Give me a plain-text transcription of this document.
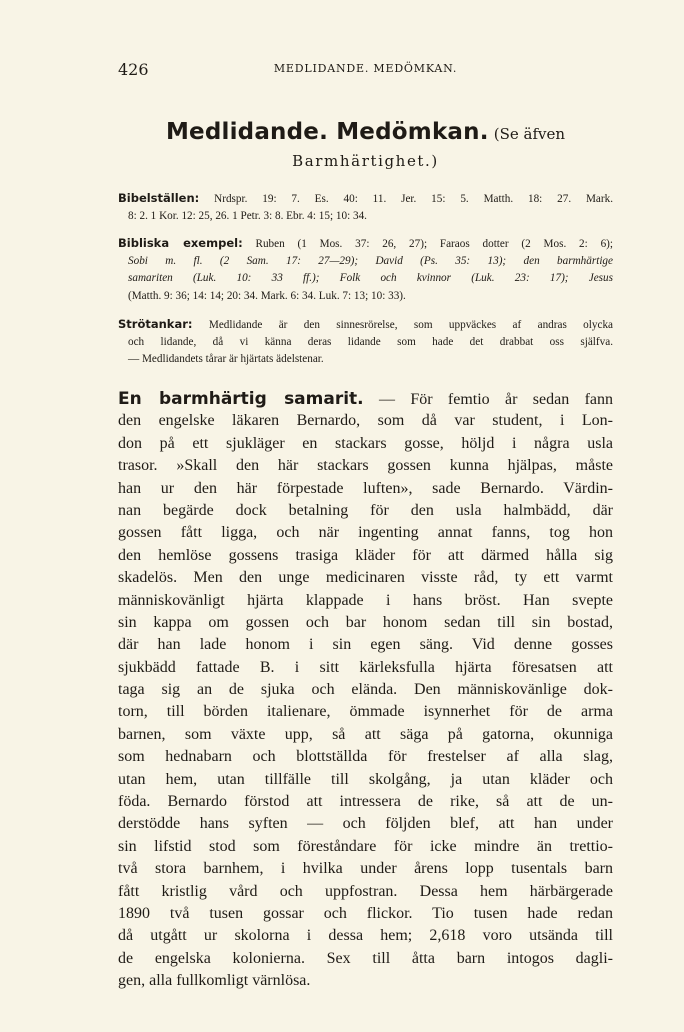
426	MEDLIDANDE. MEDÖMKAN.
Medlidande. Medömkan. (Se äfven
Barmhärtighet.)
Bibelställen: Nrdspr. 19: 7. Es. 40: 11. Jer. 15: 5. Matth. 18: 27. Mark.
8: 2. 1 Kor. 12: 25, 26. 1 Petr. 3: 8. Ebr. 4: 15; 10: 34.
Bibliska exempel: Ruben (1 Mos. 37: 26, 27); Faraos dotter (2 Mos. 2: 6);
Sobi m. fl. (2 Sam. 17: 27—29); David (Ps. 35: 13); den barmhärtige
samariten (Luk. 10: 33 ff.); Folk och kvinnor (Luk. 23: 17); Jesus
(Matth. 9: 36; 14: 14; 20: 34. Mark. 6: 34. Luk. 7: 13; 10: 33).
Strötankar: Medlidande är den sinnesrörelse, som uppväckes af andras olycka
och lidande, då vi känna deras lidande som hade det drabbat oss själfva.
— Medlidandets tårar är hjärtats ädelstenar.
En barmhärtig samarit. — För femtio år sedan fann
den engelske läkaren Bernardo, som då var student, i Lon-
don på ett sjukläger en stackars gosse, höljd i några usla
trasor. »Skall den här stackars gossen kunna hjälpas, måste
han ur den här förpestade luften», sade Bernardo. Värdin-
nan begärde dock betalning för den usla halmbädd, där
gossen fått ligga, och när ingenting annat fanns, tog hon
den hemlöse gossens trasiga kläder för att därmed hålla sig
skadelös. Men den unge medicinaren visste råd, ty ett varmt
människovänligt hjärta klappade i hans bröst. Han svepte
sin kappa om gossen och bar honom sedan till sin bostad,
där han lade honom i sin egen säng. Vid denne gosses
sjukbädd fattade B. i sitt kärleksfulla hjärta föresatsen att
taga sig an de sjuka och elända. Den människovänlige dok-
torn, till börden italienare, ömmade isynnerhet för de arma
barnen, som växte upp, så att säga på gatorna, okunniga
som hednabarn och blottställda för frestelser af alla slag,
utan hem, utan tillfälle till skolgång, ja utan kläder och
föda. Bernardo förstod att intressera de rike, så att de un-
derstödde hans syften — och följden blef, att han under
sin lifstid stod som föreståndare för icke mindre än trettio-
två stora barnhem, i hvilka under årens lopp tusentals barn
fått kristlig vård och uppfostran. Dessa hem härbärgerade
1890 två tusen gossar och flickor. Tio tusen hade redan
då utgått ur skolorna i dessa hem; 2,618 voro utsända till
de engelska kolonierna. Sex till åtta barn intogos dagli-
gen, alla fullkomligt värnlösa.
